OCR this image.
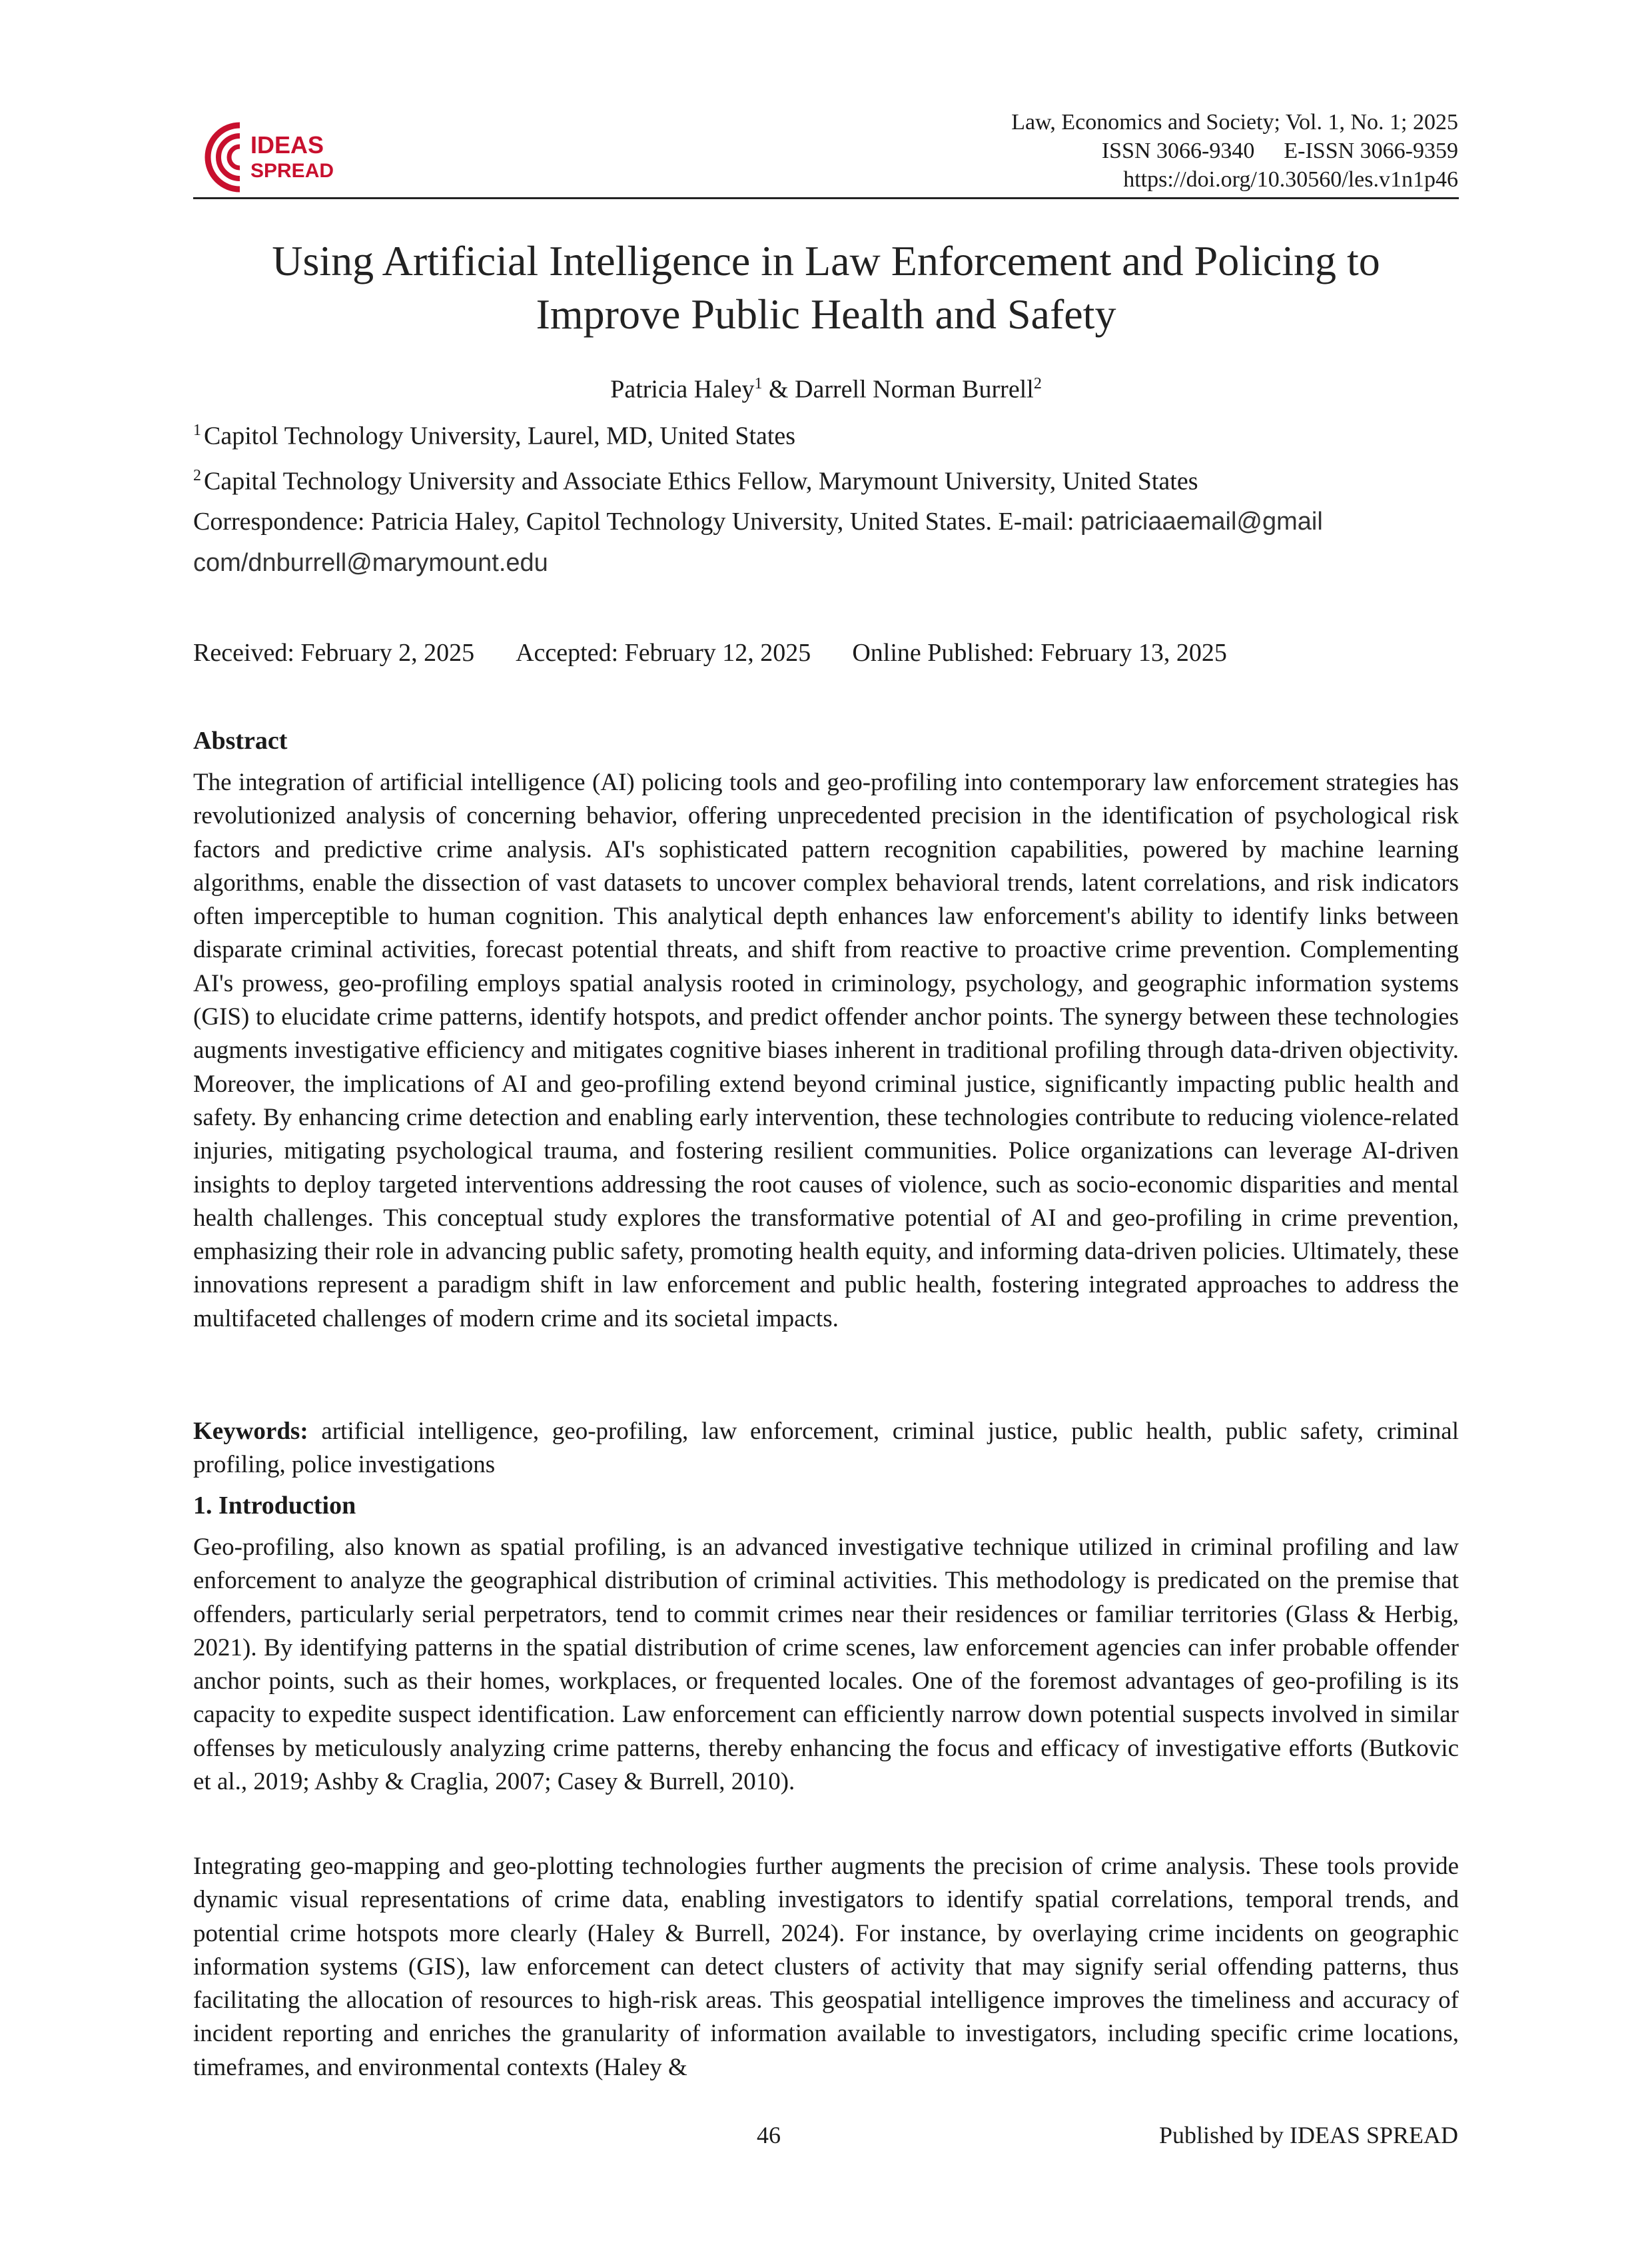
IDEAS
SPREAD
Law, Economics and Society; Vol. 1, No. 1; 2025
ISSN 3066-9340 E-ISSN 3066-9359
https://doi.org/10.30560/les.v1n1p46
Using Artificial Intelligence in Law Enforcement and Policing to
Improve Public Health and Safety
Patricia Haley$^1$ & Darrell Norman Burrell$^2$
$^1$ Capitol Technology University, Laurel, MD, United States
$^2$ Capital Technology University and Associate Ethics Fellow, Marymount University, United States
Correspondence: Patricia Haley, Capitol Technology University, United States. E-mail: patriciaaemail@gmail
com/dnburrell@marymount.edu
Received: February 2, 2025 Accepted: February 12, 2025 Online Published: February 13, 2025
Abstract
The integration of artificial intelligence (AI) policing tools and geo-profiling into contemporary law enforcement strategies has revolutionized analysis of concerning behavior, offering unprecedented precision in the identification of psychological risk factors and predictive crime analysis. AI's sophisticated pattern recognition capabilities, powered by machine learning algorithms, enable the dissection of vast datasets to uncover complex behavioral trends, latent correlations, and risk indicators often imperceptible to human cognition. This analytical depth enhances law enforcement's ability to identify links between disparate criminal activities, forecast potential threats, and shift from reactive to proactive crime prevention. Complementing AI's prowess, geo-profiling employs spatial analysis rooted in criminology, psychology, and geographic information systems (GIS) to elucidate crime patterns, identify hotspots, and predict offender anchor points. The synergy between these technologies augments investigative efficiency and mitigates cognitive biases inherent in traditional profiling through data-driven objectivity. Moreover, the implications of AI and geo-profiling extend beyond criminal justice, significantly impacting public health and safety. By enhancing crime detection and enabling early intervention, these technologies contribute to reducing violence-related injuries, mitigating psychological trauma, and fostering resilient communities. Police organizations can leverage AI-driven insights to deploy targeted interventions addressing the root causes of violence, such as socio-economic disparities and mental health challenges. This conceptual study explores the transformative potential of AI and geo-profiling in crime prevention, emphasizing their role in advancing public safety, promoting health equity, and informing data-driven policies. Ultimately, these innovations represent a paradigm shift in law enforcement and public health, fostering integrated approaches to address the multifaceted challenges of modern crime and its societal impacts.
Keywords: artificial intelligence, geo-profiling, law enforcement, criminal justice, public health, public safety, criminal profiling, police investigations
1. Introduction
Geo-profiling, also known as spatial profiling, is an advanced investigative technique utilized in criminal profiling and law enforcement to analyze the geographical distribution of criminal activities. This methodology is predicated on the premise that offenders, particularly serial perpetrators, tend to commit crimes near their residences or familiar territories (Glass & Herbig, 2021). By identifying patterns in the spatial distribution of crime scenes, law enforcement agencies can infer probable offender anchor points, such as their homes, workplaces, or frequented locales. One of the foremost advantages of geo-profiling is its capacity to expedite suspect identification. Law enforcement can efficiently narrow down potential suspects involved in similar offenses by meticulously analyzing crime patterns, thereby enhancing the focus and efficacy of investigative efforts (Butkovic et al., 2019; Ashby & Craglia, 2007; Casey & Burrell, 2010).
Integrating geo-mapping and geo-plotting technologies further augments the precision of crime analysis. These tools provide dynamic visual representations of crime data, enabling investigators to identify spatial correlations, temporal trends, and potential crime hotspots more clearly (Haley & Burrell, 2024). For instance, by overlaying crime incidents on geographic information systems (GIS), law enforcement can detect clusters of activity that may signify serial offending patterns, thus facilitating the allocation of resources to high-risk areas. This geospatial intelligence improves the timeliness and accuracy of incident reporting and enriches the granularity of information available to investigators, including specific crime locations, timeframes, and environmental contexts (Haley &
46	Published by IDEAS SPREAD
